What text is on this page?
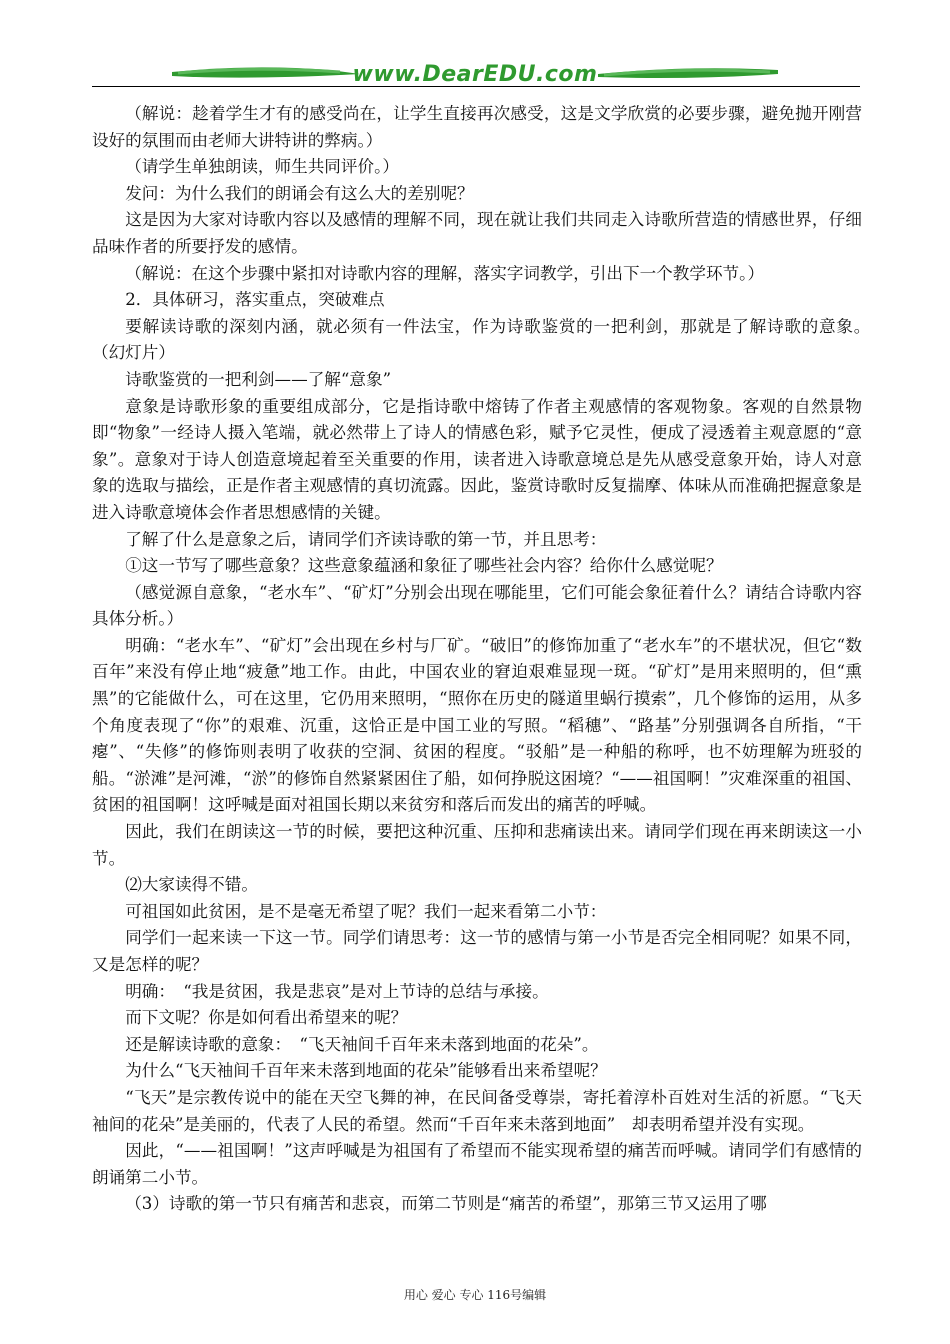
www.DearEDU.com

（解说：趁着学生才有的感受尚在，让学生直接再次感受，这是文学欣赏的必要步骤，避免抛开刚营设好的氛围而由老师大讲特讲的弊病。）

（请学生单独朗读，师生共同评价。）

发问：为什么我们的朗诵会有这么大的差别呢？

这是因为大家对诗歌内容以及感情的理解不同，现在就让我们共同走入诗歌所营造的情感世界，仔细品味作者的所要抒发的感情。

（解说：在这个步骤中紧扣对诗歌内容的理解，落实字词教学，引出下一个教学环节。）

2．具体研习，落实重点，突破难点

要解读诗歌的深刻内涵，就必须有一件法宝，作为诗歌鉴赏的一把利剑，那就是了解诗歌的意象。　（幻灯片）

诗歌鉴赏的一把利剑——了解“意象”

意象是诗歌形象的重要组成部分，它是指诗歌中熔铸了作者主观感情的客观物象。客观的自然景物即“物象”一经诗人摄入笔端，就必然带上了诗人的情感色彩，赋予它灵性，便成了浸透着主观意愿的“意象”。意象对于诗人创造意境起着至关重要的作用，读者进入诗歌意境总是先从感受意象开始，诗人对意象的选取与描绘，正是作者主观感情的真切流露。因此，鉴赏诗歌时反复揣摩、体味从而准确把握意象是进入诗歌意境体会作者思想感情的关键。

了解了什么是意象之后，请同学们齐读诗歌的第一节，并且思考：

①这一节写了哪些意象？这些意象蕴涵和象征了哪些社会内容？给你什么感觉呢？

（感觉源自意象，“老水车”、“矿灯”分别会出现在哪能里，它们可能会象征着什么？请结合诗歌内容具体分析。）

明确：“老水车”、“矿灯”会出现在乡村与厂矿。“破旧”的修饰加重了“老水车”的不堪状况，但它“数百年”来没有停止地“疲惫”地工作。由此，中国农业的窘迫艰难显现一斑。“矿灯”是用来照明的，但“熏黑”的它能做什么，可在这里，它仍用来照明，“照你在历史的隧道里蜗行摸索”，几个修饰的运用，从多个角度表现了“你”的艰难、沉重，这恰正是中国工业的写照。“稻穗”、“路基”分别强调各自所指，“干瘪”、“失修”的修饰则表明了收获的空洞、贫困的程度。“驳船”是一种船的称呼，也不妨理解为班驳的船。“淤滩”是河滩，“淤”的修饰自然紧紧困住了船，如何挣脱这困境？“——祖国啊！”灾难深重的祖国、贫困的祖国啊！这呼喊是面对祖国长期以来贫穷和落后而发出的痛苦的呼喊。

因此，我们在朗读这一节的时候，要把这种沉重、压抑和悲痛读出来。请同学们现在再来朗读这一小节。

⑵大家读得不错。

可祖国如此贫困，是不是毫无希望了呢？我们一起来看第二小节：

同学们一起来读一下这一节。同学们请思考：这一节的感情与第一小节是否完全相同呢？如果不同，又是怎样的呢？

明确：　“我是贫困，我是悲哀”是对上节诗的总结与承接。

而下文呢？你是如何看出希望来的呢？

还是解读诗歌的意象：　“飞天袖间千百年来未落到地面的花朵”。

为什么“飞天袖间千百年来未落到地面的花朵”能够看出来希望呢？

“飞天”是宗教传说中的能在天空飞舞的神，在民间备受尊崇，寄托着淳朴百姓对生活的祈愿。“飞天袖间的花朵”是美丽的，代表了人民的希望。然而“千百年来未落到地面”　却表明希望并没有实现。

因此，“——祖国啊！”这声呼喊是为祖国有了希望而不能实现希望的痛苦而呼喊。请同学们有感情的朗诵第二小节。

（3）诗歌的第一节只有痛苦和悲哀，而第二节则是“痛苦的希望”，那第三节又运用了哪

用心 爱心 专心 116号编辑
